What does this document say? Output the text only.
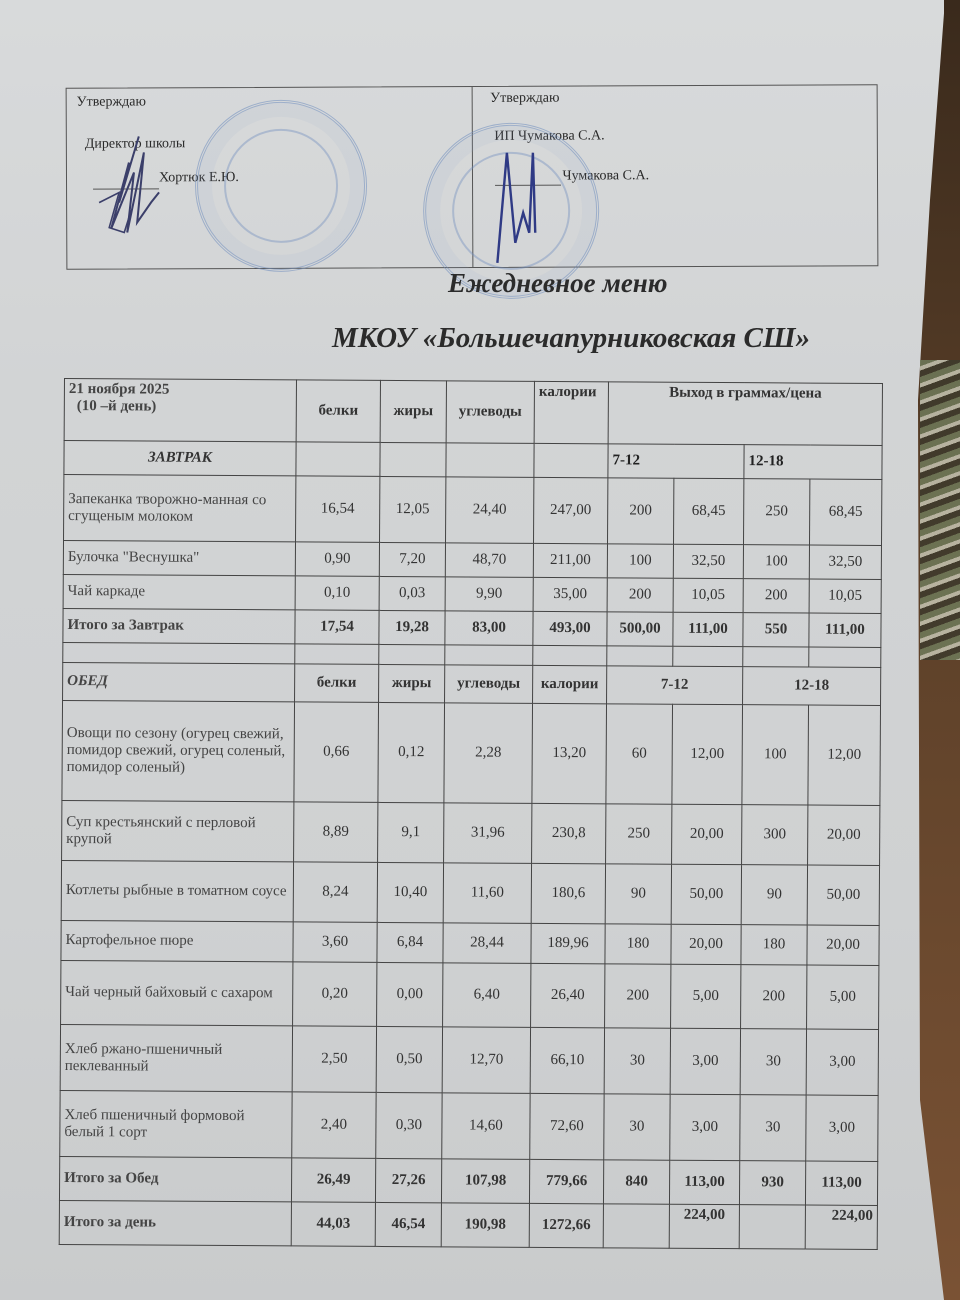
Утверждаю
Директор школы
Хортюк Е.Ю.
Утверждаю
ИП Чумакова С.А.
Чумакова С.А.
Ежедневное меню
МКОУ «Большечапурниковская СШ»
21 ноября 2025
(10 –й день)	белки	жиры	углеводы	калории	Выход в граммах/цена			
ЗАВТРАК					7-12		12-18	
Запеканка творожно-манная со сгущеным молоком	16,54	12,05	24,40	247,00	200	68,45	250	68,45
Булочка "Веснушка"	0,90	7,20	48,70	211,00	100	32,50	100	32,50
Чай каркаде	0,10	0,03	9,90	35,00	200	10,05	200	10,05
Итого за Завтрак	17,54	19,28	83,00	493,00	500,00	111,00	550	111,00

ОБЕД	белки	жиры	углеводы	калории	7-12		12-18	
Овощи по сезону (огурец свежий, помидор свежий, огурец соленый, помидор соленый)	0,66	0,12	2,28	13,20	60	12,00	100	12,00
Суп крестьянский с перловой крупой	8,89	9,1	31,96	230,8	250	20,00	300	20,00
Котлеты рыбные в томатном соусе	8,24	10,40	11,60	180,6	90	50,00	90	50,00
Картофельное пюре	3,60	6,84	28,44	189,96	180	20,00	180	20,00
Чай черный байховый с сахаром	0,20	0,00	6,40	26,40	200	5,00	200	5,00
Хлеб ржано-пшеничный пеклеванный	2,50	0,50	12,70	66,10	30	3,00	30	3,00
Хлеб пшеничный формовой белый 1 сорт	2,40	0,30	14,60	72,60	30	3,00	30	3,00
Итого за Обед	26,49	27,26	107,98	779,66	840	113,00	930	113,00
Итого за день	44,03	46,54	190,98	1272,66		224,00		224,00
